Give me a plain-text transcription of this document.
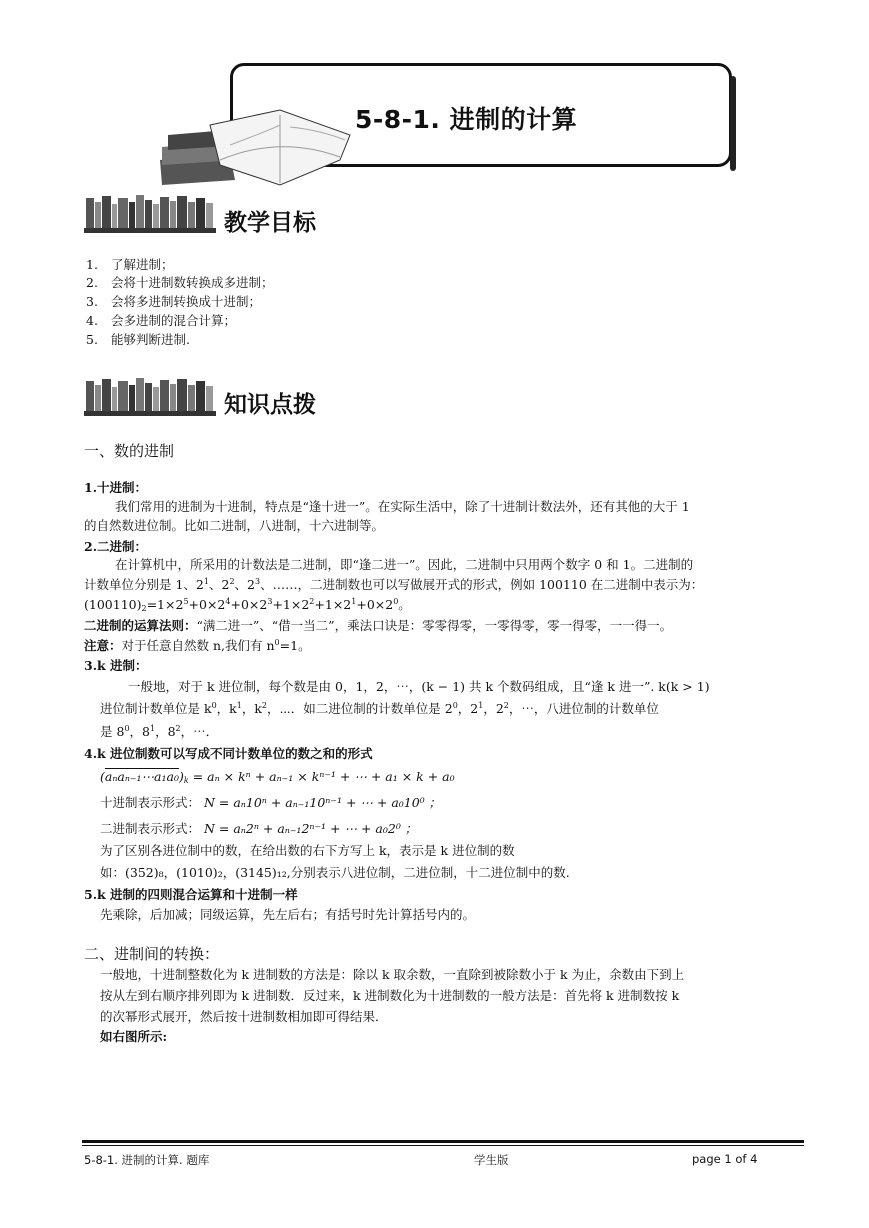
5-8-1. 进制的计算
教学目标
1. 了解进制；
2. 会将十进制数转换成多进制；
3. 会将多进制转换成十进制；
4. 会多进制的混合计算；
5. 能够判断进制.
知识点拨
一、数的进制
1.十进制：
我们常用的进制为十进制，特点是“逢十进一”。在实际生活中，除了十进制计数法外，还有其他的大于 1
的自然数进位制。比如二进制，八进制，十六进制等。
2.二进制：
在计算机中，所采用的计数法是二进制，即“逢二进一”。因此，二进制中只用两个数字 0 和 1。二进制的
计数单位分别是 1、$2^1$、$2^2$、$2^3$、……，二进制数也可以写做展开式的形式，例如 100110 在二进制中表示为：
$(100110)_2=1\times 2^5+0\times 2^4+0\times 2^3+1\times 2^2+1\times 2^1+0\times 2^0$。
二进制的运算法则：“满二进一”、“借一当二”，乘法口诀是：零零得零，一零得零，零一得零，一一得一。
注意：对于任意自然数 n,我们有 $n^0=1$。
3.k 进制：
一般地，对于 k 进位制，每个数是由 0，1，2，⋯，(k − 1) 共 k 个数码组成，且“逢 k 进一”. k(k > 1)
进位制计数单位是 $k^0$，$k^1$，$k^2$，⋯．如二进位制的计数单位是 $2^0$，$2^1$，$2^2$，⋯，八进位制的计数单位
是 $8^0$，$8^1$，$8^2$，⋯．
4.k 进位制数可以写成不同计数单位的数之和的形式
$(a_na_{n-1}\cdots a_1a_0)_k = a_n \times k^n + a_{n-1} \times k^{n-1}$ + ⋯ + a₁ × k + a₀
十进制表示形式： N = aₙ10ⁿ + aₙ₋₁10ⁿ⁻¹ + ⋯ + a₀10⁰ ；
二进制表示形式： N = aₙ2ⁿ + aₙ₋₁2ⁿ⁻¹ + ⋯ + a₀2⁰ ；
为了区别各进位制中的数，在给出数的右下方写上 k，表示是 k 进位制的数
如：(352)₈，(1010)₂，(3145)₁₂,分别表示八进位制，二进位制，十二进位制中的数.
5.k 进制的四则混合运算和十进制一样
先乘除，后加减；同级运算，先左后右；有括号时先计算括号内的。
二、进制间的转换：
一般地，十进制整数化为 k 进制数的方法是：除以 k 取余数，一直除到被除数小于 k 为止，余数由下到上
按从左到右顺序排列即为 k 进制数．反过来，k 进制数化为十进制数的一般方法是：首先将 k 进制数按 k
的次幂形式展开，然后按十进制数相加即可得结果．
如右图所示:
5-8-1. 进制的计算. 题库	学生版	page 1 of 4
